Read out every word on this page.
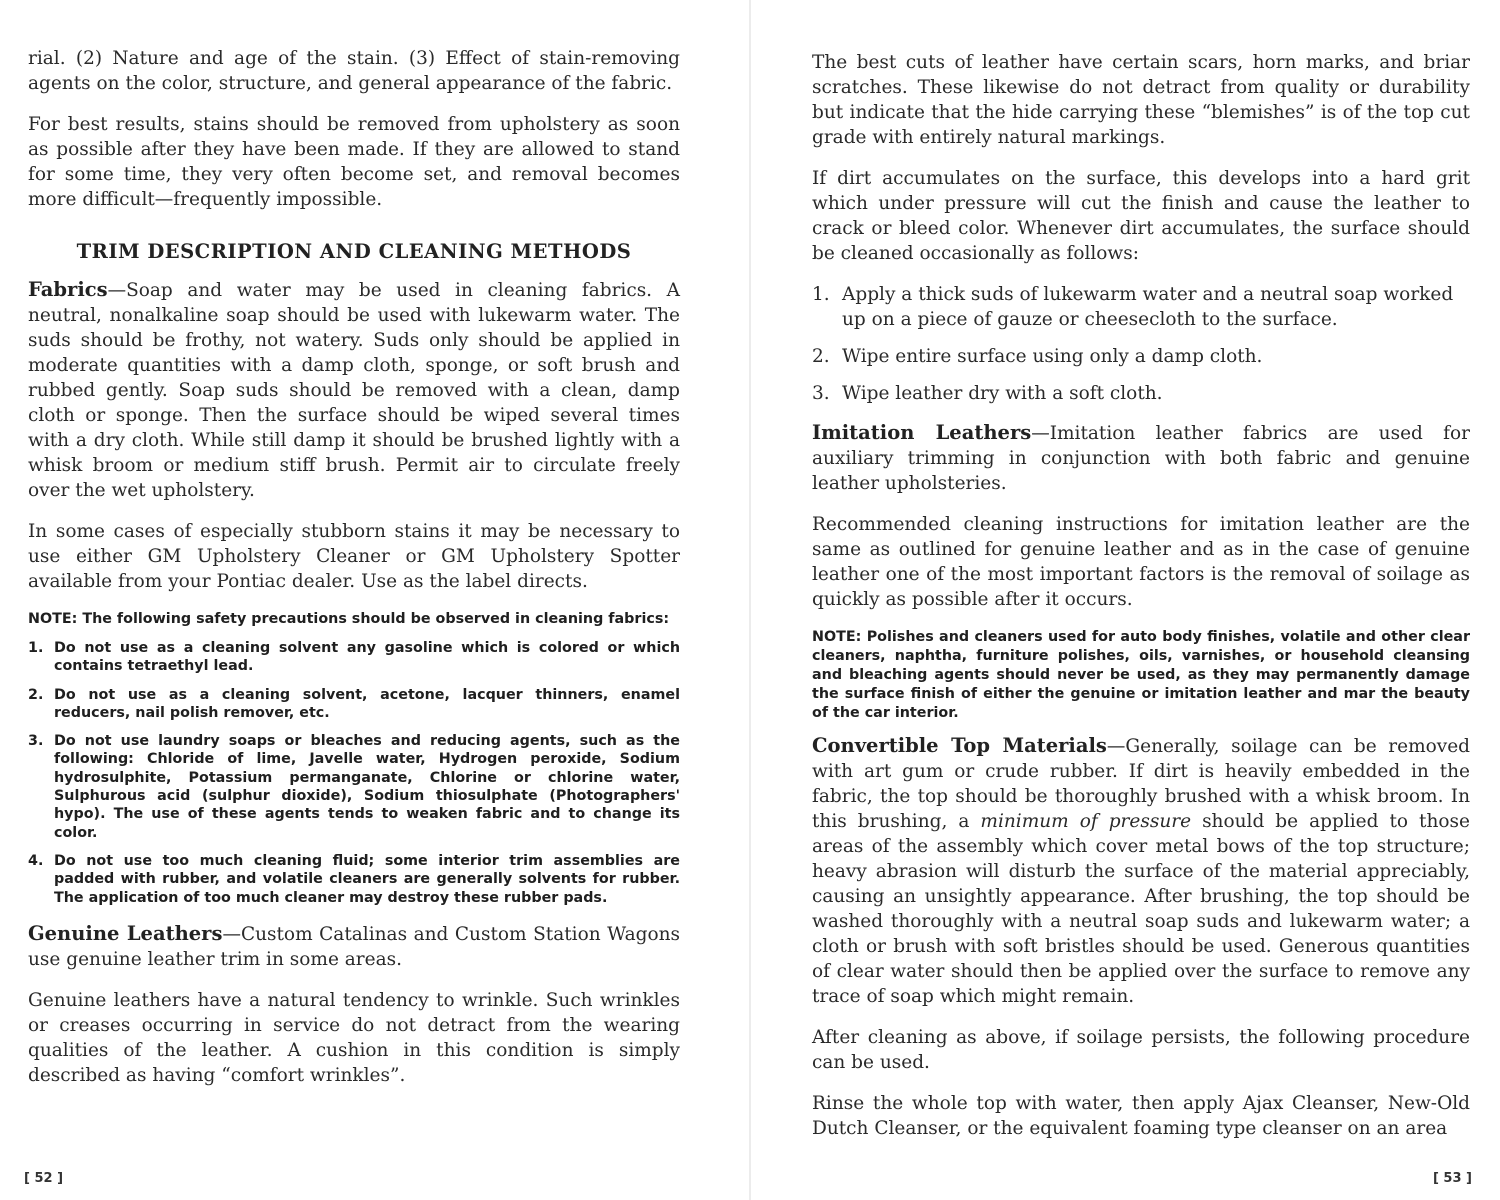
rial. (2) Nature and age of the stain. (3) Effect of stain-removing agents on the color, structure, and general appearance of the fabric.

For best results, stains should be removed from upholstery as soon as possible after they have been made. If they are allowed to stand for some time, they very often become set, and removal becomes more difficult—frequently impossible.

TRIM DESCRIPTION AND CLEANING METHODS

Fabrics—Soap and water may be used in cleaning fabrics. A neutral, nonalkaline soap should be used with lukewarm water. The suds should be frothy, not watery. Suds only should be applied in moderate quantities with a damp cloth, sponge, or soft brush and rubbed gently. Soap suds should be removed with a clean, damp cloth or sponge. Then the surface should be wiped several times with a dry cloth. While still damp it should be brushed lightly with a whisk broom or medium stiff brush. Permit air to circulate freely over the wet upholstery.

In some cases of especially stubborn stains it may be necessary to use either GM Upholstery Cleaner or GM Upholstery Spotter available from your Pontiac dealer. Use as the label directs.

NOTE: The following safety precautions should be observed in cleaning fabrics:

1. Do not use as a cleaning solvent any gasoline which is colored or which contains tetraethyl lead.
2. Do not use as a cleaning solvent, acetone, lacquer thinners, enamel reducers, nail polish remover, etc.
3. Do not use laundry soaps or bleaches and reducing agents, such as the following: Chloride of lime, Javelle water, Hydrogen peroxide, Sodium hydrosulphite, Potassium permanganate, Chlorine or chlorine water, Sulphurous acid (sulphur dioxide), Sodium thiosulphate (Photographers' hypo). The use of these agents tends to weaken fabric and to change its color.
4. Do not use too much cleaning fluid; some interior trim assemblies are padded with rubber, and volatile cleaners are generally solvents for rubber. The application of too much cleaner may destroy these rubber pads.

Genuine Leathers—Custom Catalinas and Custom Station Wagons use genuine leather trim in some areas.

Genuine leathers have a natural tendency to wrinkle. Such wrinkles or creases occurring in service do not detract from the wearing qualities of the leather. A cushion in this condition is simply described as having “comfort wrinkles”.

[ 52 ]

The best cuts of leather have certain scars, horn marks, and briar scratches. These likewise do not detract from quality or durability but indicate that the hide carrying these “blemishes” is of the top cut grade with entirely natural markings.

If dirt accumulates on the surface, this develops into a hard grit which under pressure will cut the finish and cause the leather to crack or bleed color. Whenever dirt accumulates, the surface should be cleaned occasionally as follows:

1. Apply a thick suds of lukewarm water and a neutral soap worked up on a piece of gauze or cheesecloth to the surface.
2. Wipe entire surface using only a damp cloth.
3. Wipe leather dry with a soft cloth.

Imitation Leathers—Imitation leather fabrics are used for auxiliary trimming in conjunction with both fabric and genuine leather upholsteries.

Recommended cleaning instructions for imitation leather are the same as outlined for genuine leather and as in the case of genuine leather one of the most important factors is the removal of soilage as quickly as possible after it occurs.

NOTE: Polishes and cleaners used for auto body finishes, volatile and other clear cleaners, naphtha, furniture polishes, oils, varnishes, or household cleansing and bleaching agents should never be used, as they may permanently damage the surface finish of either the genuine or imitation leather and mar the beauty of the car interior.

Convertible Top Materials—Generally, soilage can be removed with art gum or crude rubber. If dirt is heavily embedded in the fabric, the top should be thoroughly brushed with a whisk broom. In this brushing, a minimum of pressure should be applied to those areas of the assembly which cover metal bows of the top structure; heavy abrasion will disturb the surface of the material appreciably, causing an unsightly appearance. After brushing, the top should be washed thoroughly with a neutral soap suds and lukewarm water; a cloth or brush with soft bristles should be used. Generous quantities of clear water should then be applied over the surface to remove any trace of soap which might remain.

After cleaning as above, if soilage persists, the following procedure can be used.

Rinse the whole top with water, then apply Ajax Cleanser, New-Old Dutch Cleanser, or the equivalent foaming type cleanser on an area

[ 53 ]
